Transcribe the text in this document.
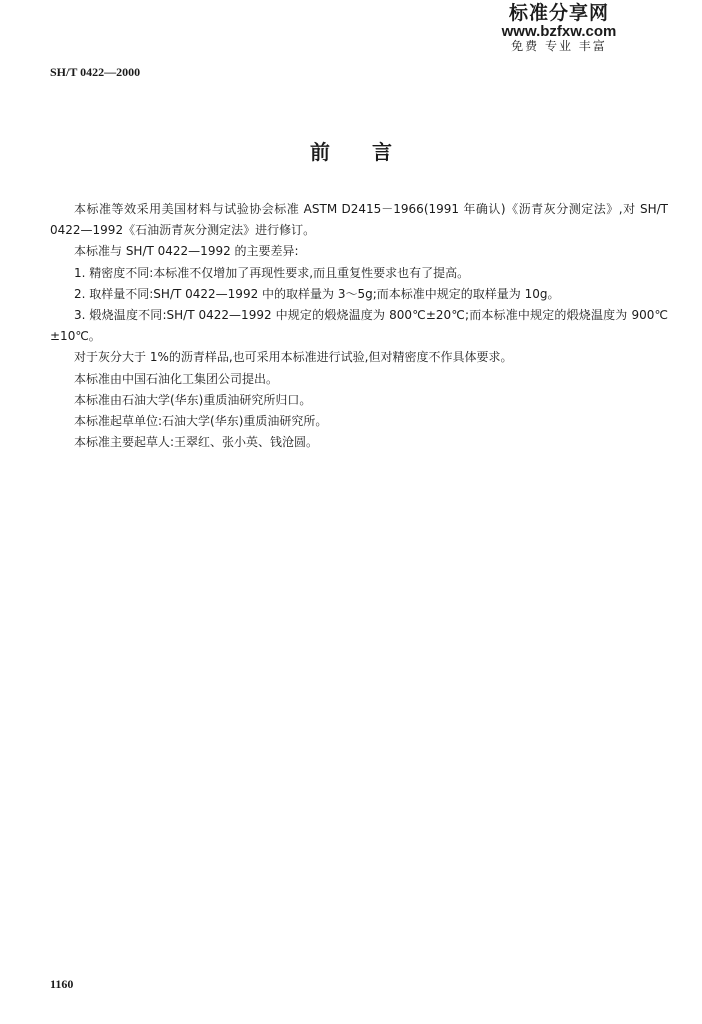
标准分享网
www.bzfxw.com
免费 专业 丰富
SH/T 0422—2000
前言

本标准等效采用美国材料与试验协会标准 ASTM D2415－1966(1991 年确认)《沥青灰分测定法》,对 SH/T 0422—1992《石油沥青灰分测定法》进行修订。

本标准与 SH/T 0422—1992 的主要差异:

1. 精密度不同:本标准不仅增加了再现性要求,而且重复性要求也有了提高。

2. 取样量不同:SH/T 0422—1992 中的取样量为 3～5g;而本标准中规定的取样量为 10g。

3. 煅烧温度不同:SH/T 0422—1992 中规定的煅烧温度为 800℃±20℃;而本标准中规定的煅烧温度为 900℃±10℃。

对于灰分大于 1%的沥青样品,也可采用本标准进行试验,但对精密度不作具体要求。

本标准由中国石油化工集团公司提出。

本标准由石油大学(华东)重质油研究所归口。

本标准起草单位:石油大学(华东)重质油研究所。

本标准主要起草人:王翠红、张小英、钱沧圆。

1160
